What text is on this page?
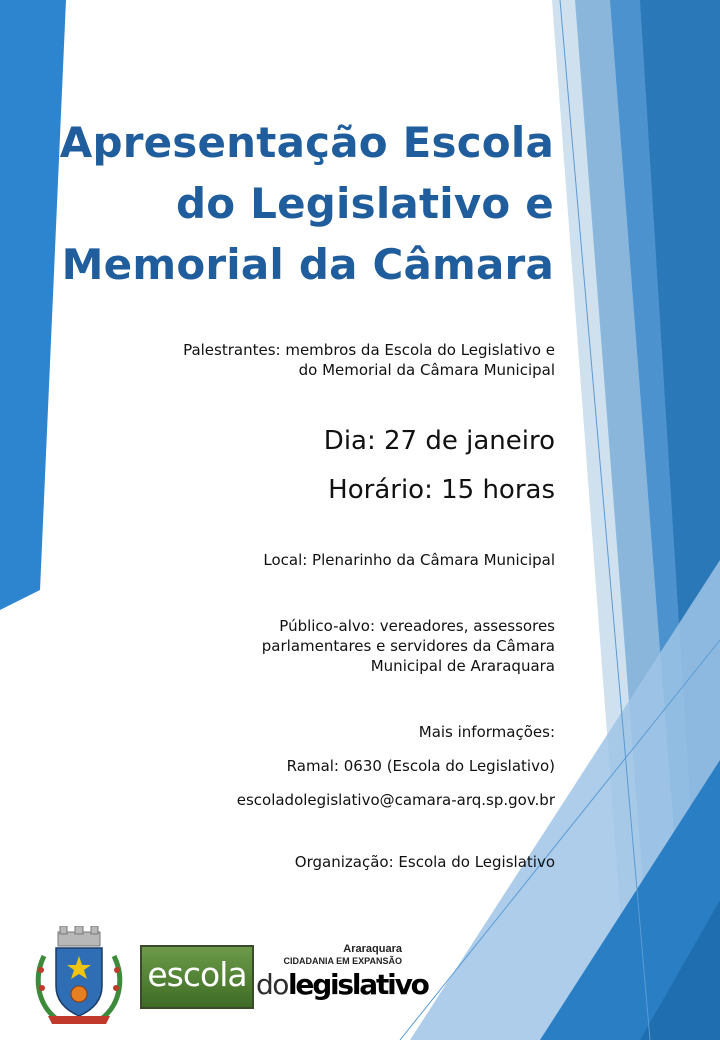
Apresentação Escola
do Legislativo e
Memorial da Câmara

Palestrantes: membros da Escola do Legislativo e
do Memorial da Câmara Municipal

Dia: 27 de janeiro

Horário: 15 horas

Local: Plenarinho da Câmara Municipal

Público-alvo: vereadores, assessores
parlamentares e servidores da Câmara
Municipal de Araraquara

Mais informações:

Ramal: 0630 (Escola do Legislativo)

escoladolegislativo@camara-arq.sp.gov.br

Organização: Escola do Legislativo

escola do legislativo
Araraquara
CIDADANIA EM EXPANSÃO
